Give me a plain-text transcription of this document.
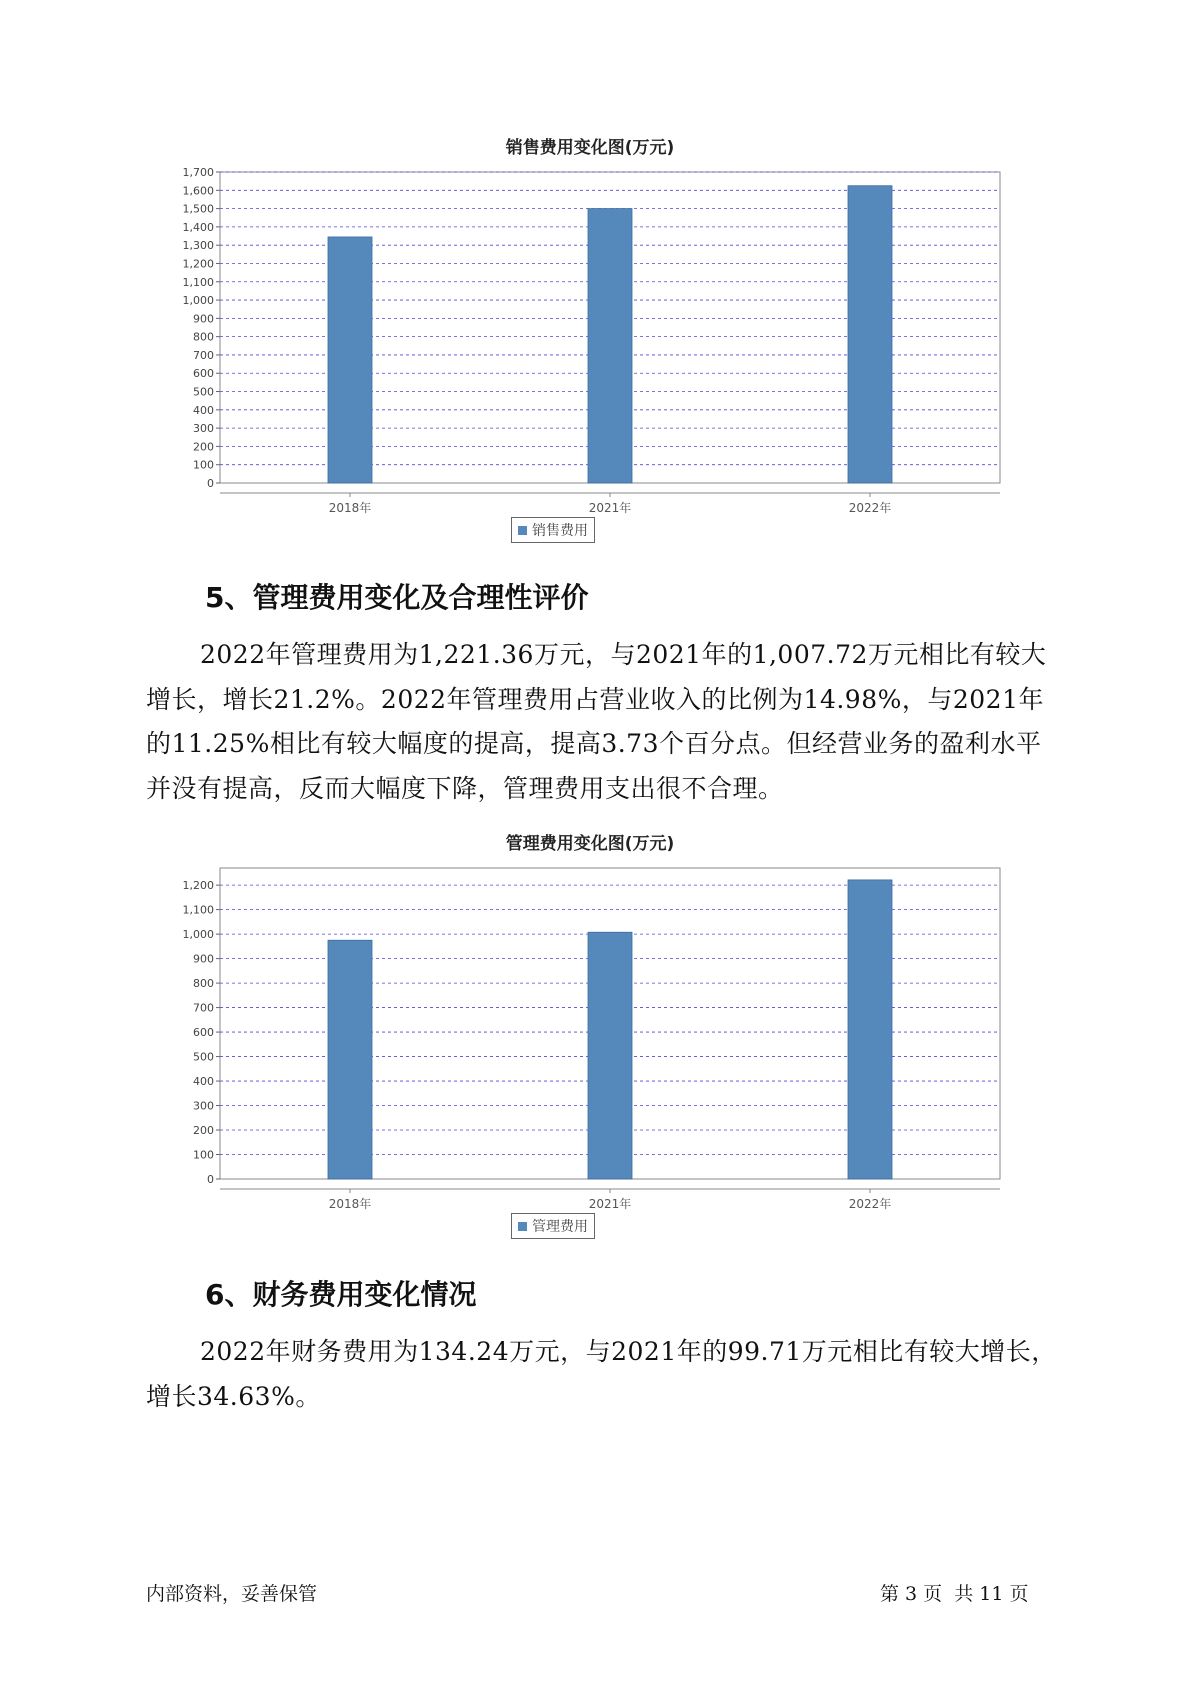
销售费用变化图(万元)
0
100
200
300
400
500
600
700
800
900
1,000
1,100
1,200
1,300
1,400
1,500
1,600
1,700
2018年	2021年	2022年
销售费用
5、管理费用变化及合理性评价
2022年管理费用为1,221.36万元，与2021年的1,007.72万元相比有较大增长，增长21.2%。2022年管理费用占营业收入的比例为14.98%，与2021年的11.25%相比有较大幅度的提高，提高3.73个百分点。但经营业务的盈利水平并没有提高，反而大幅度下降，管理费用支出很不合理。
管理费用变化图(万元)
0
100
200
300
400
500
600
700
800
900
1,000
1,100
1,200
2018年	2021年	2022年
管理费用
6、财务费用变化情况
2022年财务费用为134.24万元，与2021年的99.71万元相比有较大增长，增长34.63%。
内部资料，妥善保管	第 3 页  共 11 页
